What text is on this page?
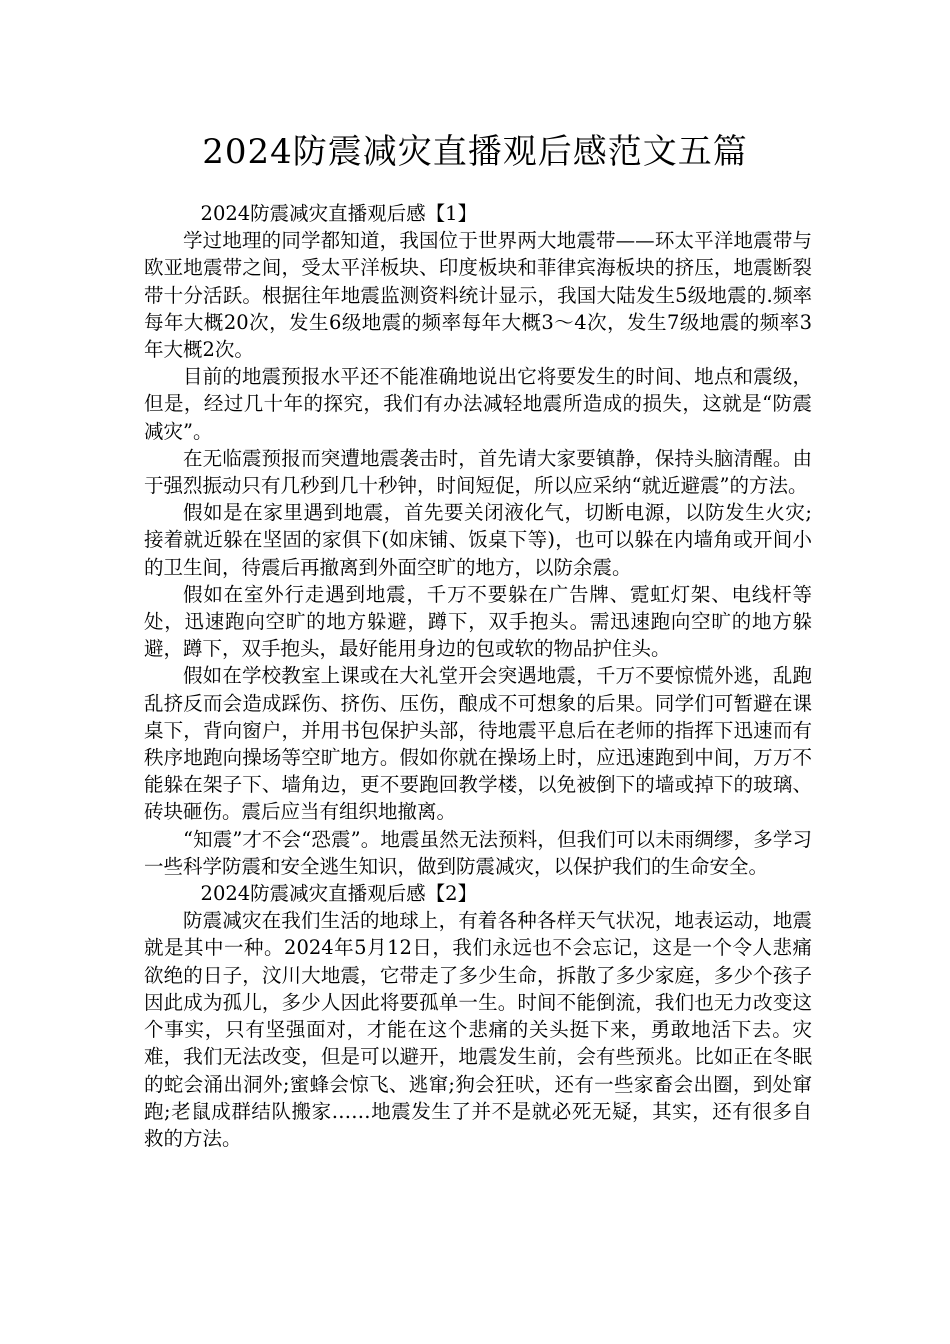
2024防震减灾直播观后感范文五篇

2024防震减灾直播观后感【1】

学过地理的同学都知道，我国位于世界两大地震带——环太平洋地震带与欧亚地震带之间，受太平洋板块、印度板块和菲律宾海板块的挤压，地震断裂带十分活跃。根据往年地震监测资料统计显示，我国大陆发生5级地震的.频率每年大概20次，发生6级地震的频率每年大概3～4次，发生7级地震的频率3年大概2次。

目前的地震预报水平还不能准确地说出它将要发生的时间、地点和震级，但是，经过几十年的探究，我们有办法减轻地震所造成的损失，这就是“防震减灾”。

在无临震预报而突遭地震袭击时，首先请大家要镇静，保持头脑清醒。由于强烈振动只有几秒到几十秒钟，时间短促，所以应采纳“就近避震”的方法。

假如是在家里遇到地震，首先要关闭液化气，切断电源，以防发生火灾;接着就近躲在坚固的家俱下(如床铺、饭桌下等)，也可以躲在内墙角或开间小的卫生间，待震后再撤离到外面空旷的地方，以防余震。

假如在室外行走遇到地震，千万不要躲在广告牌、霓虹灯架、电线杆等处，迅速跑向空旷的地方躲避，蹲下，双手抱头。需迅速跑向空旷的地方躲避，蹲下，双手抱头，最好能用身边的包或软的物品护住头。

假如在学校教室上课或在大礼堂开会突遇地震，千万不要惊慌外逃，乱跑乱挤反而会造成踩伤、挤伤、压伤，酿成不可想象的后果。同学们可暂避在课桌下，背向窗户，并用书包保护头部，待地震平息后在老师的指挥下迅速而有秩序地跑向操场等空旷地方。假如你就在操场上时，应迅速跑到中间，万万不能躲在架子下、墙角边，更不要跑回教学楼，以免被倒下的墙或掉下的玻璃、砖块砸伤。震后应当有组织地撤离。

“知震”才不会“恐震”。地震虽然无法预料，但我们可以未雨绸缪，多学习一些科学防震和安全逃生知识，做到防震减灾，以保护我们的生命安全。

2024防震减灾直播观后感【2】

防震减灾在我们生活的地球上，有着各种各样天气状况，地表运动，地震就是其中一种。2024年5月12日，我们永远也不会忘记，这是一个令人悲痛欲绝的日子，汶川大地震，它带走了多少生命，拆散了多少家庭，多少个孩子因此成为孤儿，多少人因此将要孤单一生。时间不能倒流，我们也无力改变这个事实，只有坚强面对，才能在这个悲痛的关头挺下来，勇敢地活下去。灾难，我们无法改变，但是可以避开，地震发生前，会有些预兆。比如正在冬眠的蛇会涌出洞外;蜜蜂会惊飞、逃窜;狗会狂吠，还有一些家畜会出圈，到处窜跑;老鼠成群结队搬家……地震发生了并不是就必死无疑，其实，还有很多自救的方法。
